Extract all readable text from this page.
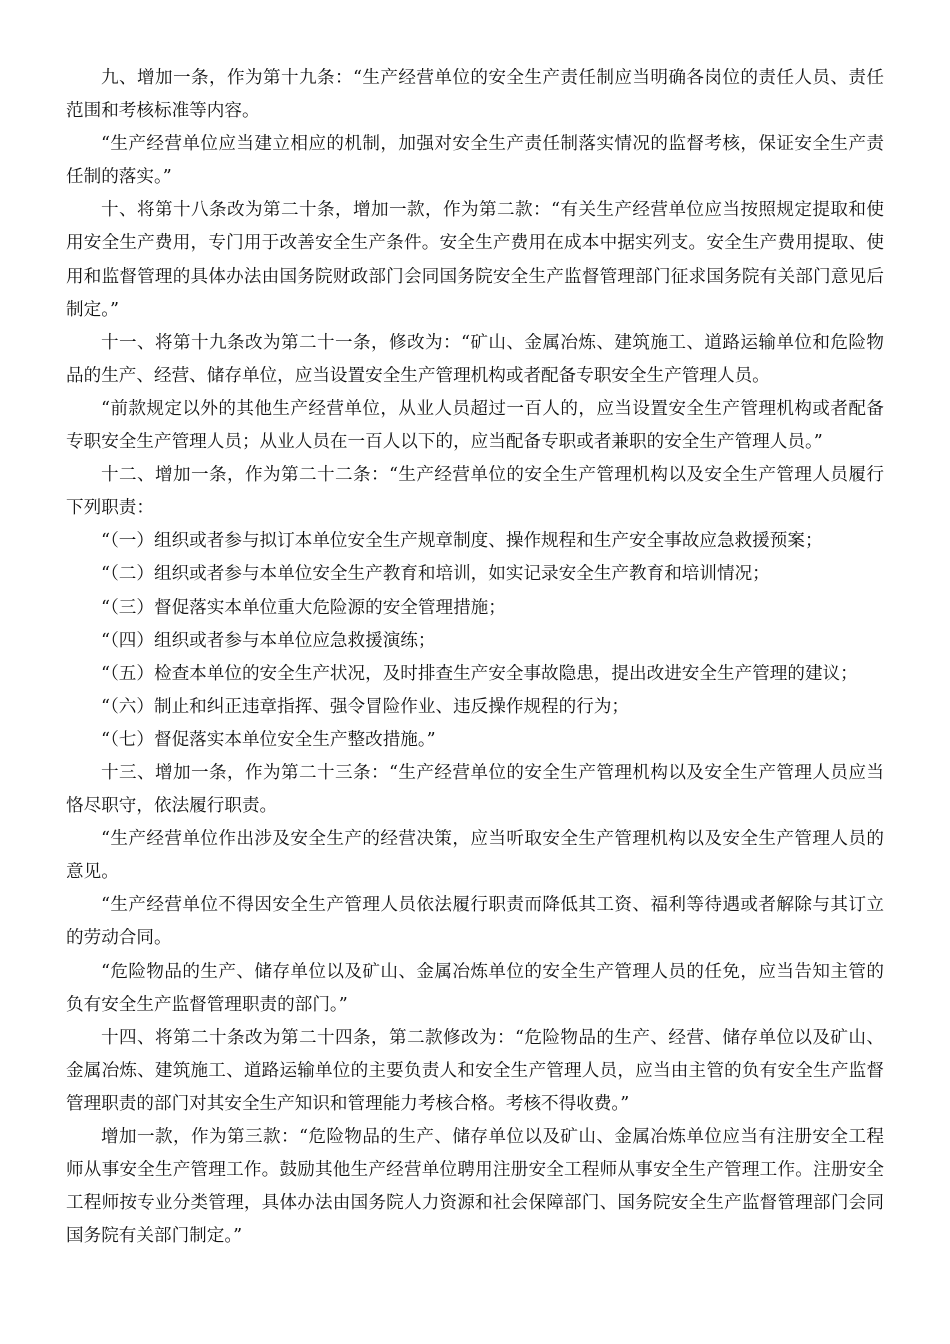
九、增加一条，作为第十九条：“生产经营单位的安全生产责任制应当明确各岗位的责任人员、责任范围和考核标准等内容。

“生产经营单位应当建立相应的机制，加强对安全生产责任制落实情况的监督考核，保证安全生产责任制的落实。”

十、将第十八条改为第二十条，增加一款，作为第二款：“有关生产经营单位应当按照规定提取和使用安全生产费用，专门用于改善安全生产条件。安全生产费用在成本中据实列支。安全生产费用提取、使用和监督管理的具体办法由国务院财政部门会同国务院安全生产监督管理部门征求国务院有关部门意见后制定。”

十一、将第十九条改为第二十一条，修改为：“矿山、金属冶炼、建筑施工、道路运输单位和危险物品的生产、经营、储存单位，应当设置安全生产管理机构或者配备专职安全生产管理人员。

“前款规定以外的其他生产经营单位，从业人员超过一百人的，应当设置安全生产管理机构或者配备专职安全生产管理人员；从业人员在一百人以下的，应当配备专职或者兼职的安全生产管理人员。”

十二、增加一条，作为第二十二条：“生产经营单位的安全生产管理机构以及安全生产管理人员履行下列职责：

“（一）组织或者参与拟订本单位安全生产规章制度、操作规程和生产安全事故应急救援预案；

“（二）组织或者参与本单位安全生产教育和培训，如实记录安全生产教育和培训情况；

“（三）督促落实本单位重大危险源的安全管理措施；

“（四）组织或者参与本单位应急救援演练；

“（五）检查本单位的安全生产状况，及时排查生产安全事故隐患，提出改进安全生产管理的建议；

“（六）制止和纠正违章指挥、强令冒险作业、违反操作规程的行为；

“（七）督促落实本单位安全生产整改措施。”

十三、增加一条，作为第二十三条：“生产经营单位的安全生产管理机构以及安全生产管理人员应当恪尽职守，依法履行职责。

“生产经营单位作出涉及安全生产的经营决策，应当听取安全生产管理机构以及安全生产管理人员的意见。

“生产经营单位不得因安全生产管理人员依法履行职责而降低其工资、福利等待遇或者解除与其订立的劳动合同。

“危险物品的生产、储存单位以及矿山、金属冶炼单位的安全生产管理人员的任免，应当告知主管的负有安全生产监督管理职责的部门。”

十四、将第二十条改为第二十四条，第二款修改为：“危险物品的生产、经营、储存单位以及矿山、金属冶炼、建筑施工、道路运输单位的主要负责人和安全生产管理人员，应当由主管的负有安全生产监督管理职责的部门对其安全生产知识和管理能力考核合格。考核不得收费。”

增加一款，作为第三款：“危险物品的生产、储存单位以及矿山、金属冶炼单位应当有注册安全工程师从事安全生产管理工作。鼓励其他生产经营单位聘用注册安全工程师从事安全生产管理工作。注册安全工程师按专业分类管理，具体办法由国务院人力资源和社会保障部门、国务院安全生产监督管理部门会同国务院有关部门制定。”
